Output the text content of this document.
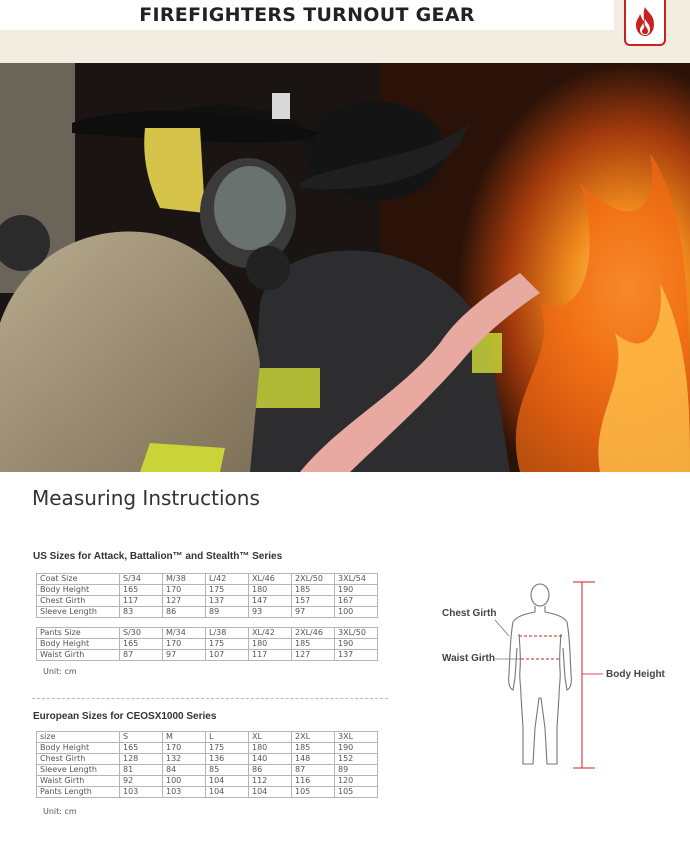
FIREFIGHTERS TURNOUT GEAR
Measuring Instructions
US Sizes for Attack, Battalion™ and Stealth™ Series
Coat Size	S/34	M/38	L/42	XL/46	2XL/50	3XL/54
Body Height	165	170	175	180	185	190
Chest Girth	117	127	137	147	157	167
Sleeve Length	83	86	89	93	97	100
Pants Size	S/30	M/34	L/38	XL/42	2XL/46	3XL/50
Body Height	165	170	175	180	185	190
Waist Girth	87	97	107	117	127	137
Unit: cm
European Sizes for CEOSX1000 Series
size	S	M	L	XL	2XL	3XL
Body Height	165	170	175	180	185	190
Chest Girth	128	132	136	140	148	152
Sleeve Length	81	84	85	86	87	89
Waist Girth	92	100	104	112	116	120
Pants Length	103	103	104	104	105	105
Unit: cm
Chest Girth
Waist Girth
Body Height
